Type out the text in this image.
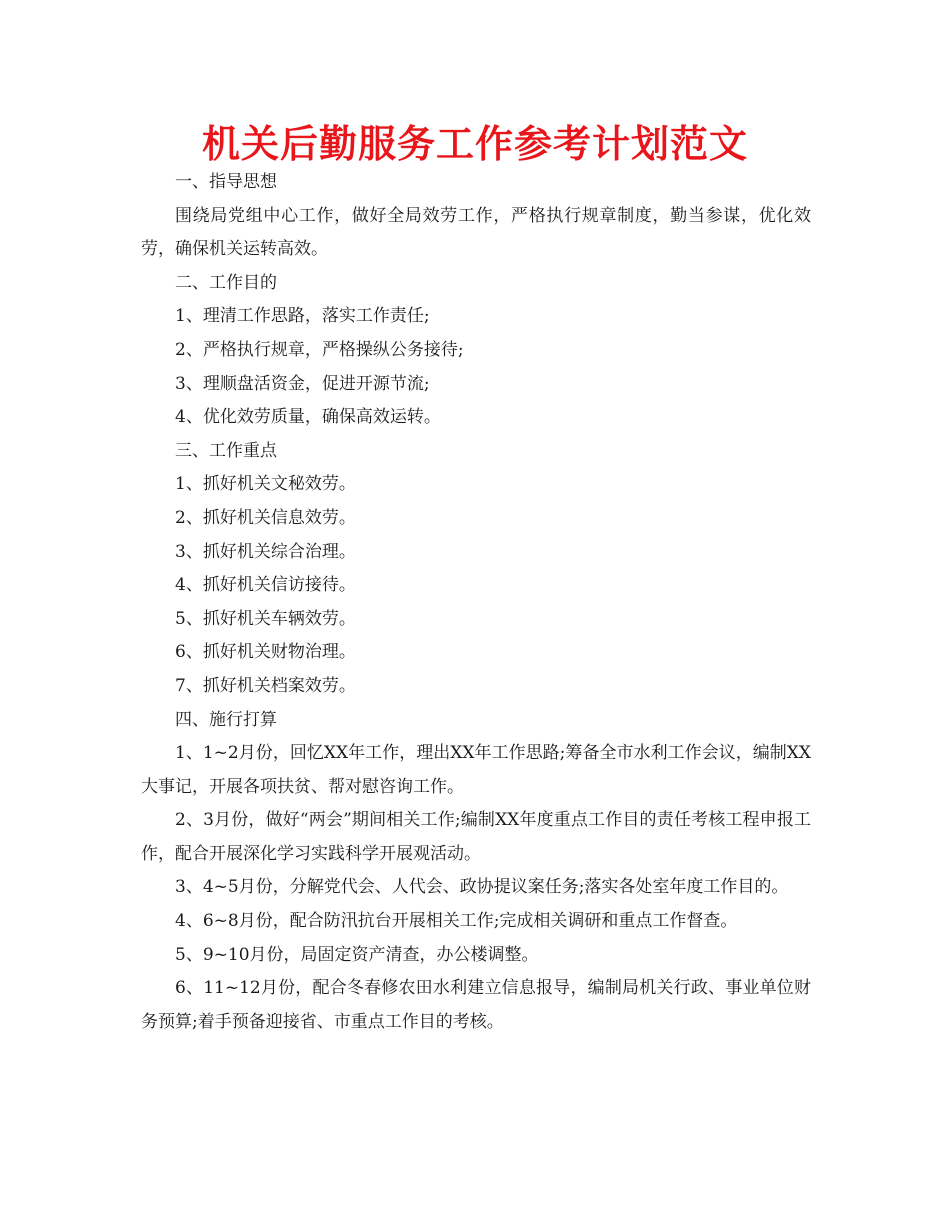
机关后勤服务工作参考计划范文

一、指导思想

围绕局党组中心工作，做好全局效劳工作，严格执行规章制度，勤当参谋，优化效劳，确保机关运转高效。

二、工作目的

1、理清工作思路，落实工作责任;

2、严格执行规章，严格操纵公务接待;

3、理顺盘活资金，促进开源节流;

4、优化效劳质量，确保高效运转。

三、工作重点

1、抓好机关文秘效劳。

2、抓好机关信息效劳。

3、抓好机关综合治理。

4、抓好机关信访接待。

5、抓好机关车辆效劳。

6、抓好机关财物治理。

7、抓好机关档案效劳。

四、施行打算

1、1~2月份，回忆XX年工作，理出XX年工作思路;筹备全市水利工作会议，编制XX大事记，开展各项扶贫、帮对慰咨询工作。

2、3月份，做好“两会”期间相关工作;编制XX年度重点工作目的责任考核工程申报工作，配合开展深化学习实践科学开展观活动。

3、4~5月份，分解党代会、人代会、政协提议案任务;落实各处室年度工作目的。

4、6~8月份，配合防汛抗台开展相关工作;完成相关调研和重点工作督查。

5、9~10月份，局固定资产清查，办公楼调整。

6、11~12月份，配合冬春修农田水利建立信息报导，编制局机关行政、事业单位财务预算;着手预备迎接省、市重点工作目的考核。
